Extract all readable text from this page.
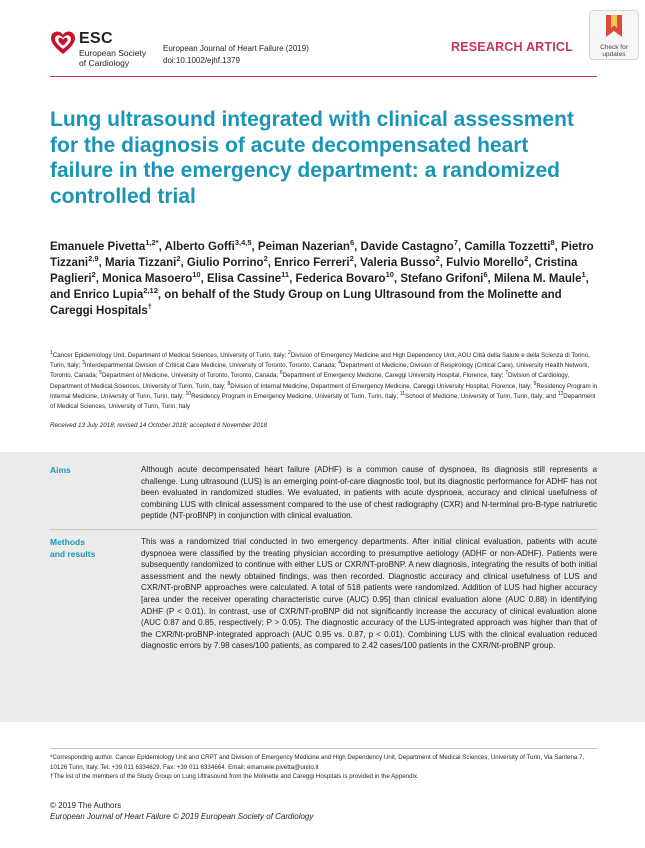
ESC
European Society
of Cardiology
European Journal of Heart Failure (2019)
doi:10.1002/ejhf.1379
RESEARCH ARTICL	Check for
updates
Lung ultrasound integrated with clinical assessment for the diagnosis of acute decompensated heart failure in the emergency department: a randomized controlled trial
Emanuele Pivetta$^{1,2*}$, Alberto Goffi$^{3,4,5}$, Peiman Nazerian$^6$, Davide Castagno$^7$, Camilla Tozzetti$^8$, Pietro Tizzani$^{2,9}$, Maria Tizzani$^2$, Giulio Porrino$^2$, Enrico Ferreri$^2$, Valeria Busso$^2$, Fulvio Morello$^2$, Cristina Paglieri$^2$, Monica Masoero$^{10}$, Elisa Cassine$^{11}$, Federica Bovaro$^{10}$, Stefano Grifoni$^6$, Milena M. Maule$^1$, and Enrico Lupia$^{2,12}$, on behalf of the Study Group on Lung Ultrasound from the Molinette and Careggi Hospitals†
$^1$Cancer Epidemiology Unit, Department of Medical Sciences, University of Turin, Italy; $^2$Division of Emergency Medicine and High Dependency Unit, AOU Città della Salute e della Scienza di Torino, Turin, Italy; $^3$Interdepartmental Division of Critical Care Medicine, University of Toronto, Toronto, Canada; $^4$Department of Medicine, Division of Respirology (Critical Care), University Health Network, Toronto, Canada; $^5$Department of Medicine, University of Toronto, Toronto, Canada; $^6$Department of Emergency Medicine, Careggi University Hospital, Florence, Italy; $^7$Division of Cardiology, Department of Medical Sciences, University of Turin, Turin, Italy; $^8$Division of Internal Medicine, Department of Emergency Medicine, Careggi University Hospital, Florence, Italy; $^9$Residency Program in Internal Medicine, University of Turin, Turin, Italy; $^{10}$Residency Program in Emergency Medicine, University of Turin, Turin, Italy; $^{11}$School of Medicine, University of Turin, Turin, Italy; and $^{12}$Department of Medical Sciences, University of Turin, Turin, Italy
Received 13 July 2018; revised 14 October 2018; accepted 6 November 2018
Aims	Although acute decompensated heart failure (ADHF) is a common cause of dyspnoea, its diagnosis still represents a challenge. Lung ultrasound (LUS) is an emerging point-of-care diagnostic tool, but its diagnostic performance for ADHF has not been evaluated in randomized studies. We evaluated, in patients with acute dyspnoea, accuracy and clinical usefulness of combining LUS with clinical assessment compared to the use of chest radiography (CXR) and N-terminal pro-B-type natriuretic peptide (NT-proBNP) in conjunction with clinical evaluation.
Methods
and results
This was a randomized trial conducted in two emergency departments. After initial clinical evaluation, patients with acute dyspnoea were classified by the treating physician according to presumptive aetiology (ADHF or non-ADHF). Patients were subsequently randomized to continue with either LUS or CXR/NT-proBNP. A new diagnosis, integrating the results of both initial assessment and the newly obtained findings, was then recorded. Diagnostic accuracy and clinical usefulness of LUS and CXR/NT-proBNP approaches were calculated. A total of 518 patients were randomized. Addition of LUS had higher accuracy [area under the receiver operating characteristic curve (AUC) 0.95] than clinical evaluation alone (AUC 0.88) in identifying ADHF (P < 0.01). In contrast, use of CXR/NT-proBNP did not significantly increase the accuracy of clinical evaluation alone (AUC 0.87 and 0.85, respectively; P > 0.05). The diagnostic accuracy of the LUS-integrated approach was higher than that of the CXR/Nt-proBNP-integrated approach (AUC 0.95 vs. 0.87, p < 0.01). Combining LUS with the clinical evaluation reduced diagnostic errors by 7.98 cases/100 patients, as compared to 2.42 cases/100 patients in the CXR/Nt-proBNP group.
*Corresponding author. Cancer Epidemiology Unit and CRPT and Division of Emergency Medicine and High Dependency Unit, Department of Medical Sciences, University of Turin, Via Santena 7, 10126 Turin, Italy. Tel: +39 011 6334629, Fax: +39 011 6334664. Email: emanuele.pivetta@unito.it
†The list of the members of the Study Group on Lung Ultrasound from the Molinette and Careggi Hospitals is provided in the Appendix.
© 2019 The Authors
European Journal of Heart Failure © 2019 European Society of Cardiology
